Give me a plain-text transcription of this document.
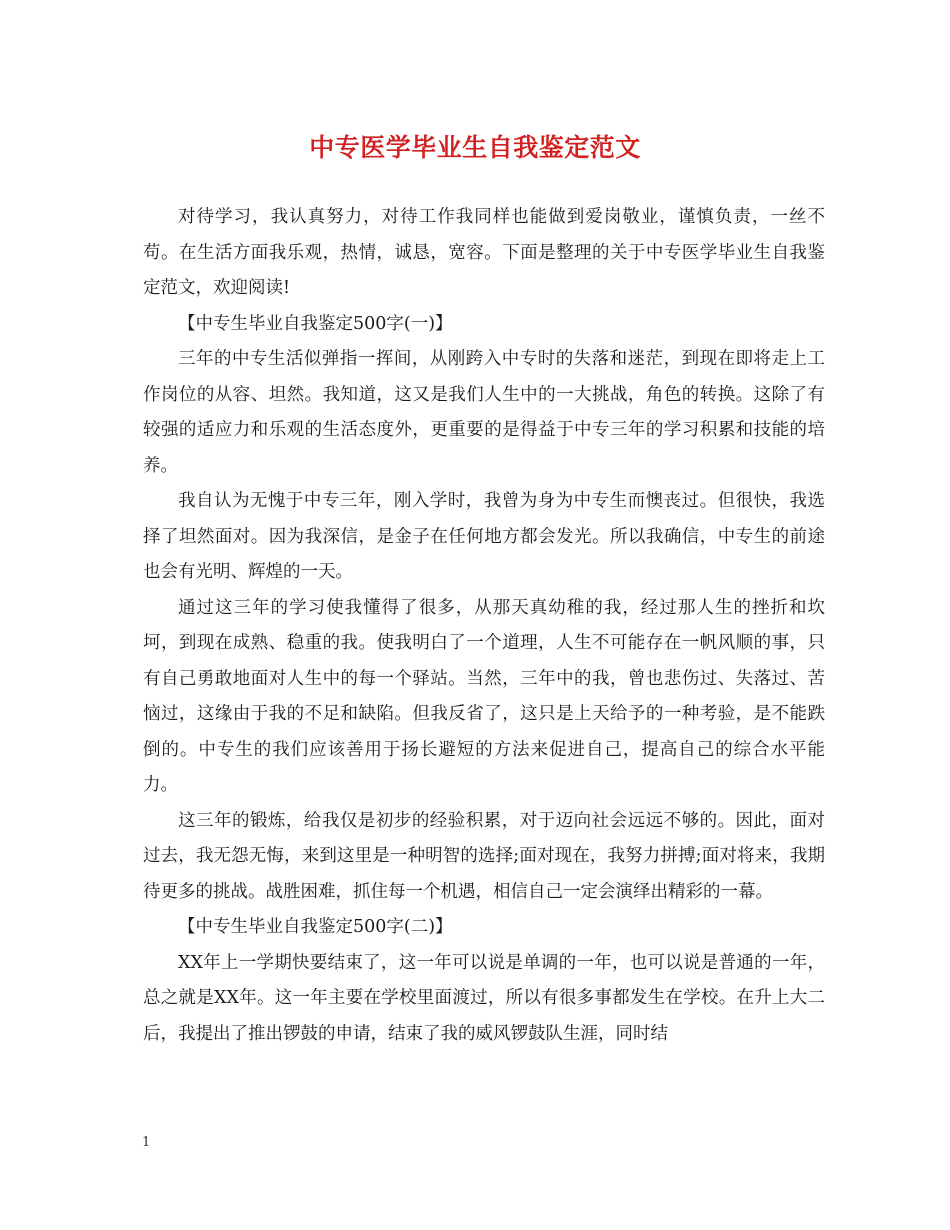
中专医学毕业生自我鉴定范文

对待学习，我认真努力，对待工作我同样也能做到爱岗敬业，谨慎负责，一丝不苟。在生活方面我乐观，热情，诚恳，宽容。下面是整理的关于中专医学毕业生自我鉴定范文，欢迎阅读!

【中专生毕业自我鉴定500字(一)】

三年的中专生活似弹指一挥间，从刚跨入中专时的失落和迷茫，到现在即将走上工作岗位的从容、坦然。我知道，这又是我们人生中的一大挑战，角色的转换。这除了有较强的适应力和乐观的生活态度外，更重要的是得益于中专三年的学习积累和技能的培养。

我自认为无愧于中专三年，刚入学时，我曾为身为中专生而懊丧过。但很快，我选择了坦然面对。因为我深信，是金子在任何地方都会发光。所以我确信，中专生的前途也会有光明、辉煌的一天。

通过这三年的学习使我懂得了很多，从那天真幼稚的我，经过那人生的挫折和坎坷，到现在成熟、稳重的我。使我明白了一个道理，人生不可能存在一帆风顺的事，只有自己勇敢地面对人生中的每一个驿站。当然，三年中的我，曾也悲伤过、失落过、苦恼过，这缘由于我的不足和缺陷。但我反省了，这只是上天给予的一种考验，是不能跌倒的。中专生的我们应该善用于扬长避短的方法来促进自己，提高自己的综合水平能力。

这三年的锻炼，给我仅是初步的经验积累，对于迈向社会远远不够的。因此，面对过去，我无怨无悔，来到这里是一种明智的选择;面对现在，我努力拼搏;面对将来，我期待更多的挑战。战胜困难，抓住每一个机遇，相信自己一定会演绎出精彩的一幕。

【中专生毕业自我鉴定500字(二)】

XX年上一学期快要结束了，这一年可以说是单调的一年，也可以说是普通的一年，总之就是XX年。这一年主要在学校里面渡过，所以有很多事都发生在学校。在升上大二后，我提出了推出锣鼓的申请，结束了我的威风锣鼓队生涯，同时结

1
